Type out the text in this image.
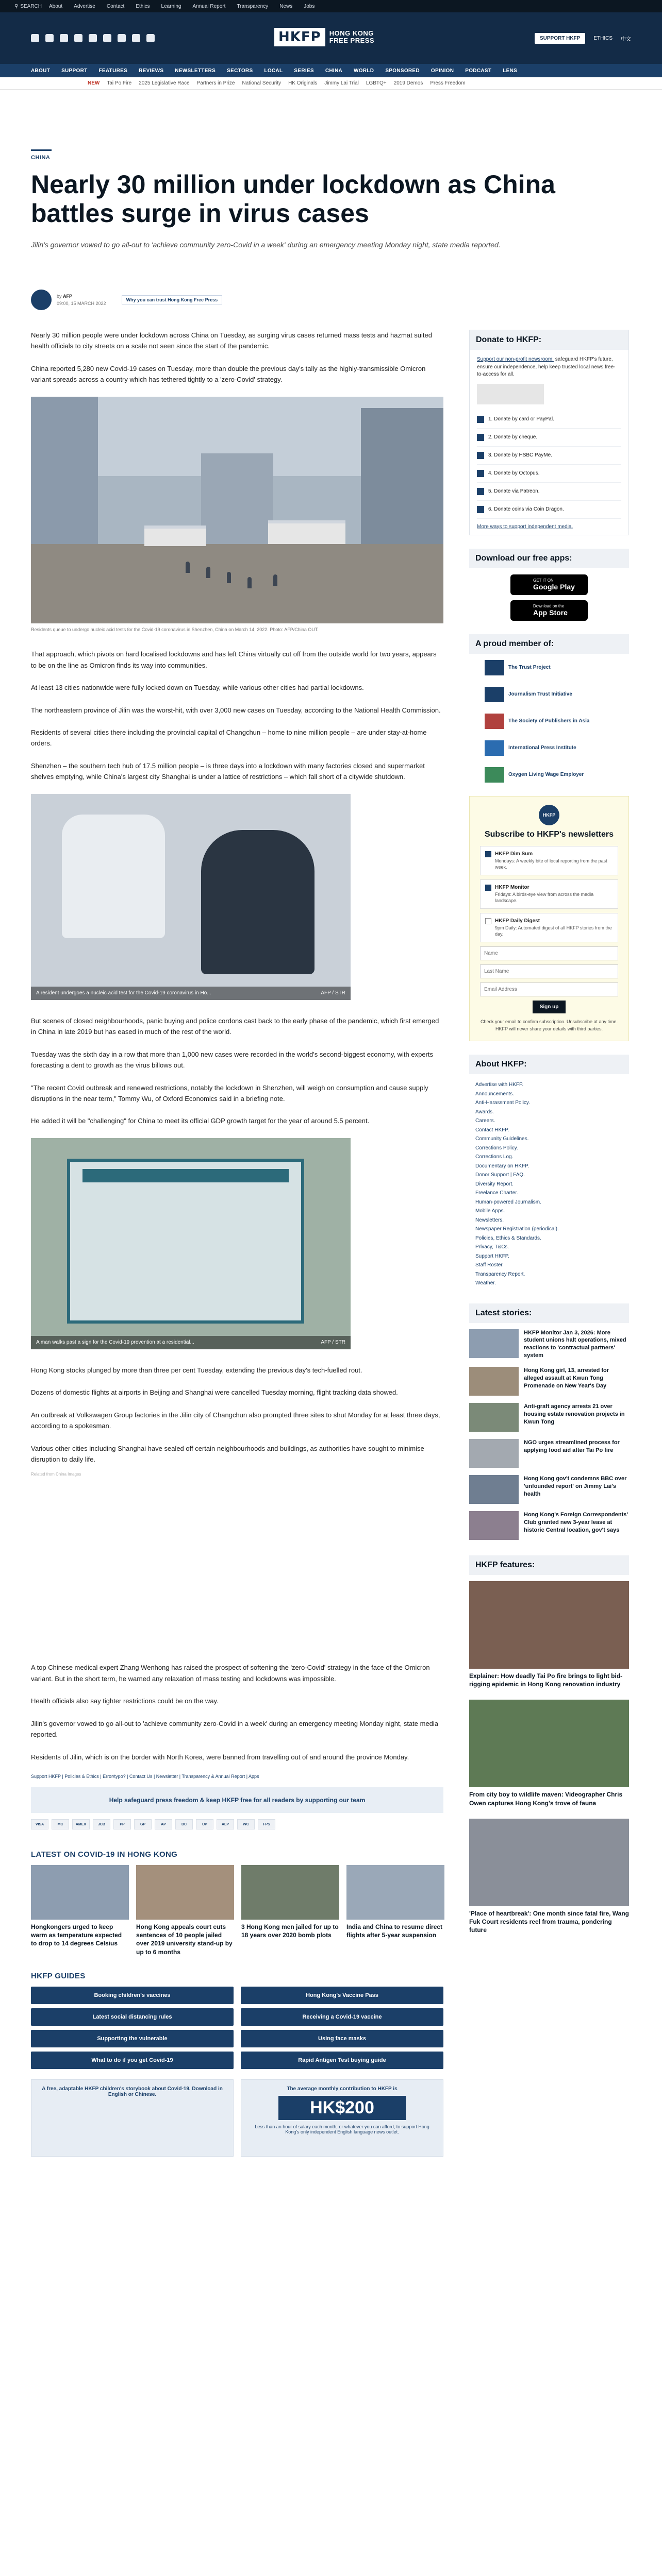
⚲ SEARCH About Advertise Contact Ethics Learning Annual Report Transparency News Jobs
HKFP	HONG KONG
FREE PRESS	SUPPORT HKFP	ETHICS 中文
ABOUT SUPPORT FEATURES REVIEWS NEWSLETTERS SECTORS LOCAL SERIES CHINA WORLD SPONSORED OPINION PODCAST LENS
NEW Tai Po Fire 2025 Legislative Race Partners in Prize National Security HK Originals Jimmy Lai Trial LGBTQ+ 2019 Demos Press Freedom
CHINA
Nearly 30 million under lockdown as China battles surge in virus cases
Jilin's governor vowed to go all-out to 'achieve community zero-Covid in a week' during an emergency meeting Monday night, state media reported.
by AFP
09:00, 15 MARCH 2022
Why you can trust Hong Kong Free Press

Nearly 30 million people were under lockdown across China on Tuesday, as surging virus cases returned mass tests and hazmat suited health officials to city streets on a scale not seen since the start of the pandemic.

China reported 5,280 new Covid-19 cases on Tuesday, more than double the previous day's tally as the highly-transmissible Omicron variant spreads across a country which has tethered tightly to a 'zero-Covid' strategy.

Residents queue to undergo nucleic acid tests for the Covid-19 coronavirus in Shenzhen, China on March 14, 2022. Photo: AFP/China OUT.

That approach, which pivots on hard localised lockdowns and has left China virtually cut off from the outside world for two years, appears to be on the line as Omicron finds its way into communities.

At least 13 cities nationwide were fully locked down on Tuesday, while various other cities had partial lockdowns.

The northeastern province of Jilin was the worst-hit, with over 3,000 new cases on Tuesday, according to the National Health Commission.

Residents of several cities there including the provincial capital of Changchun – home to nine million people – are under stay-at-home orders.

Shenzhen – the southern tech hub of 17.5 million people – is three days into a lockdown with many factories closed and supermarket shelves emptying, while China's largest city Shanghai is under a lattice of restrictions – which fall short of a citywide shutdown.

A resident undergoes a nucleic acid test for the Covid-19 coronavirus in Ho...	AFP / STR

But scenes of closed neighbourhoods, panic buying and police cordons cast back to the early phase of the pandemic, which first emerged in China in late 2019 but has eased in much of the rest of the world.

Tuesday was the sixth day in a row that more than 1,000 new cases were recorded in the world's second-biggest economy, with experts forecasting a dent to growth as the virus billows out.

"The recent Covid outbreak and renewed restrictions, notably the lockdown in Shenzhen, will weigh on consumption and cause supply disruptions in the near term," Tommy Wu, of Oxford Economics said in a briefing note.

He added it will be "challenging" for China to meet its official GDP growth target for the year of around 5.5 percent.

A man walks past a sign for the Covid-19 prevention at a residential...	AFP / STR

Hong Kong stocks plunged by more than three per cent Tuesday, extending the previous day's tech-fuelled rout.

Dozens of domestic flights at airports in Beijing and Shanghai were cancelled Tuesday morning, flight tracking data showed.

An outbreak at Volkswagen Group factories in the Jilin city of Changchun also prompted three sites to shut Monday for at least three days, according to a spokesman.

Various other cities including Shanghai have sealed off certain neighbourhoods and buildings, as authorities have sought to minimise disruption to daily life.

Related from China Images

A top Chinese medical expert Zhang Wenhong has raised the prospect of softening the 'zero-Covid' strategy in the face of the Omicron variant. But in the short term, he warned any relaxation of mass testing and lockdowns was impossible.

Health officials also say tighter restrictions could be on the way.

Jilin's governor vowed to go all-out to 'achieve community zero-Covid in a week' during an emergency meeting Monday night, state media reported.

Residents of Jilin, which is on the border with North Korea, were banned from travelling out of and around the province Monday.

Support HKFP | Policies & Ethics | Error/typo? | Contact Us | Newsletter | Transparency & Annual Report | Apps
Help safeguard press freedom & keep HKFP free for all readers by supporting our team
VISA	MC	AMEX	JCB	PP	GP	AP	DC	UP	ALP	WC	FPS
LATEST ON COVID-19 IN HONG KONG
Hongkongers urged to keep warm as temperature expected to drop to 14 degrees Celsius
Hong Kong appeals court cuts sentences of 10 people jailed over 2019 university stand-up by up to 6 months
3 Hong Kong men jailed for up to 18 years over 2020 bomb plots
India and China to resume direct flights after 5-year suspension
HKFP GUIDES
Booking children's vaccines	Hong Kong's Vaccine Pass
Latest social distancing rules	Receiving a Covid-19 vaccine
Supporting the vulnerable	Using face masks
What to do if you get Covid-19	Rapid Antigen Test buying guide
A free, adaptable HKFP children's storybook about Covid-19. Download in English or Chinese.
The average monthly contribution to HKFP is
HK$200
Less than an hour of salary each month, or whatever you can afford, to support Hong Kong's only independent English language news outlet.
Donate to HKFP:
Support our non-profit newsroom: safeguard HKFP's future, ensure our independence, help keep trusted local news free-to-access for all.
1. Donate by card or PayPal.
2. Donate by cheque.
3. Donate by HSBC PayMe.
4. Donate by Octopus.
5. Donate via Patreon.
6. Donate coins via Coin Dragon.
More ways to support independent media.
Download our free apps:
GET IT ON
Google Play
Download on the
App Store
A proud member of:
The Trust Project
Journalism Trust Initiative
The Society of Publishers in Asia
International Press Institute
Oxygen Living Wage Employer
HKFP
Subscribe to HKFP's newsletters
HKFP Dim Sum
Mondays: A weekly bite of local reporting from the past week.
HKFP Monitor
Fridays: A birds-eye view from across the media landscape.
HKFP Daily Digest
9pm Daily: Automated digest of all HKFP stories from the day.
Name Last Name Email Address Sign up
Check your email to confirm subscription. Unsubscribe at any time. HKFP will never share your details with third parties.
About HKFP:
Advertise with HKFP.
Announcements.
Anti-Harassment Policy.
Awards.
Careers.
Contact HKFP.
Community Guidelines.
Corrections Policy.
Corrections Log.
Documentary on HKFP.
Donor Support | FAQ.
Diversity Report.
Freelance Charter.
Human-powered Journalism.
Mobile Apps.
Newsletters.
Newspaper Registration (periodical).
Policies, Ethics & Standards.
Privacy, T&Cs.
Support HKFP.
Staff Roster.
Transparency Report.
Weather.
Latest stories:
HKFP Monitor Jan 3, 2026: More student unions halt operations, mixed reactions to 'contractual partners' system
Hong Kong girl, 13, arrested for alleged assault at Kwun Tong Promenade on New Year's Day
Anti-graft agency arrests 21 over housing estate renovation projects in Kwun Tong
NGO urges streamlined process for applying food aid after Tai Po fire
Hong Kong gov't condemns BBC over 'unfounded report' on Jimmy Lai's health
Hong Kong's Foreign Correspondents' Club granted new 3-year lease at historic Central location, gov't says
HKFP features:
Explainer: How deadly Tai Po fire brings to light bid-rigging epidemic in Hong Kong renovation industry
From city boy to wildlife maven: Videographer Chris Owen captures Hong Kong's trove of fauna
'Place of heartbreak': One month since fatal fire, Wang Fuk Court residents reel from trauma, pondering future
